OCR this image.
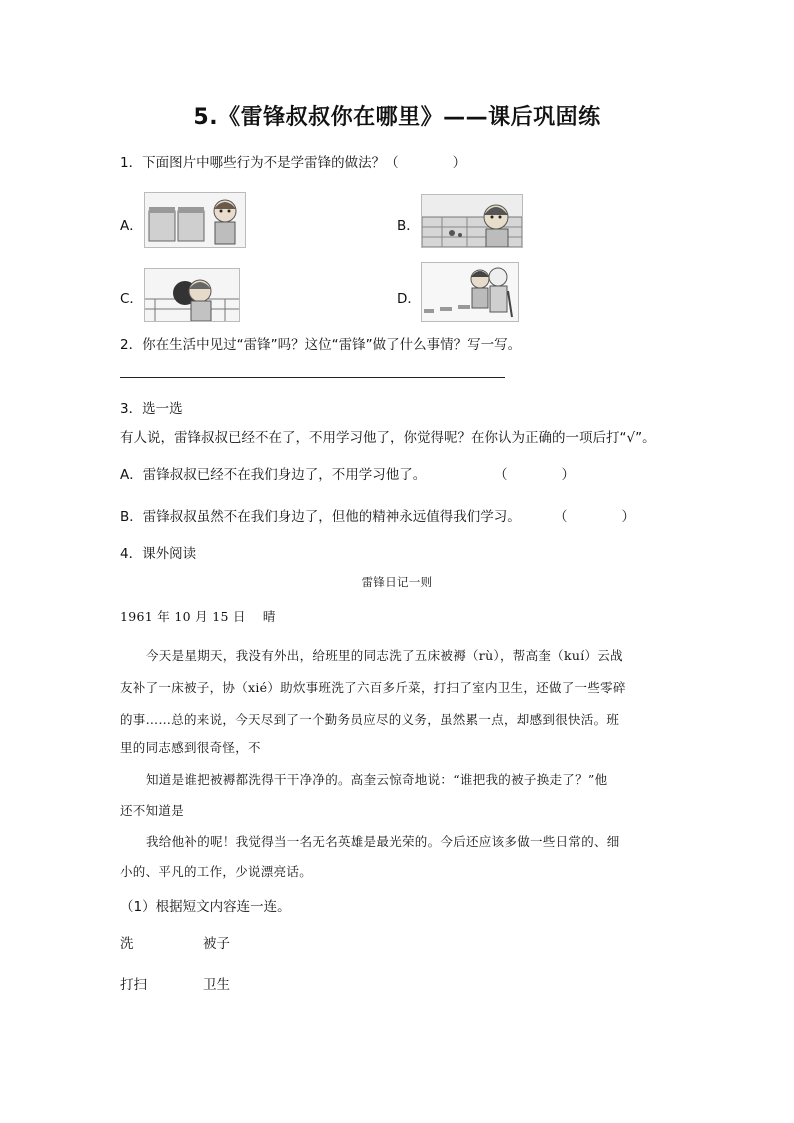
5.《雷锋叔叔你在哪里》——课后巩固练
1．下面图片中哪些行为不是学雷锋的做法？（　　　　）
A．	B．
C．	D．
2．你在生活中见过“雷锋”吗？这位“雷锋”做了什么事情？写一写。
3．选一选
有人说，雷锋叔叔已经不在了，不用学习他了，你觉得呢？在你认为正确的一项后打“√”。
A．雷锋叔叔已经不在我们身边了，不用学习他了。	（　　　　）
B．雷锋叔叔虽然不在我们身边了，但他的精神永远值得我们学习。 （　　　　）
4．课外阅读
雷锋日记一则
1961 年 10 月 15 日　 晴
今天是星期天，我没有外出，给班里的同志洗了五床被褥（rù），帮高奎（kuí）云战
友补了一床被子，协（xié）助炊事班洗了六百多斤菜，打扫了室内卫生，还做了一些零碎
的事……总的来说，今天尽到了一个勤务员应尽的义务，虽然累一点，却感到很快活。班
里的同志感到很奇怪，不
知道是谁把被褥都洗得干干净净的。高奎云惊奇地说：“谁把我的被子换走了？”他
还不知道是
我给他补的呢！我觉得当一名无名英雄是最光荣的。今后还应该多做一些日常的、细
小的、平凡的工作，少说漂亮话。
（1）根据短文内容连一连。
洗	被子
打扫	卫生
